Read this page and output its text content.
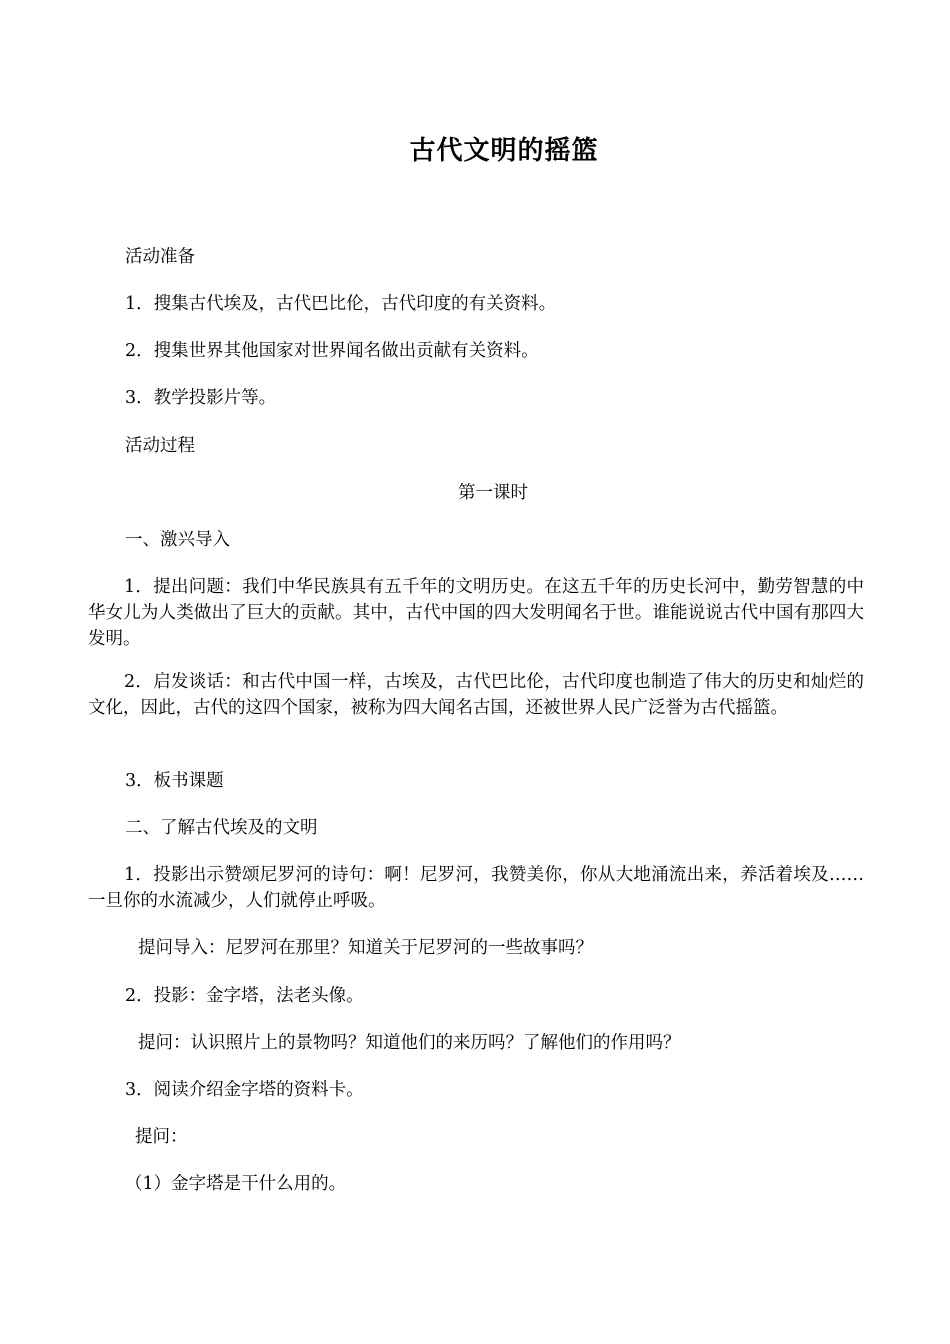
古代文明的摇篮
活动准备
1．搜集古代埃及，古代巴比伦，古代印度的有关资料。
2．搜集世界其他国家对世界闻名做出贡献有关资料。
3．教学投影片等。
活动过程
第一课时
一、激兴导入
1．提出问题：我们中华民族具有五千年的文明历史。在这五千年的历史长河中，勤劳智慧的中华女儿为人类做出了巨大的贡献。其中，古代中国的四大发明闻名于世。谁能说说古代中国有那四大发明。
2．启发谈话：和古代中国一样，古埃及，古代巴比伦，古代印度也制造了伟大的历史和灿烂的文化，因此，古代的这四个国家，被称为四大闻名古国，还被世界人民广泛誉为古代摇篮。
3．板书课题
二、了解古代埃及的文明
1．投影出示赞颂尼罗河的诗句：啊！尼罗河，我赞美你，你从大地涌流出来，养活着埃及……一旦你的水流减少，人们就停止呼吸。
提问导入：尼罗河在那里？知道关于尼罗河的一些故事吗？
2．投影：金字塔，法老头像。
提问：认识照片上的景物吗？知道他们的来历吗？了解他们的作用吗？
3．阅读介绍金字塔的资料卡。
提问：
（1）金字塔是干什么用的。
